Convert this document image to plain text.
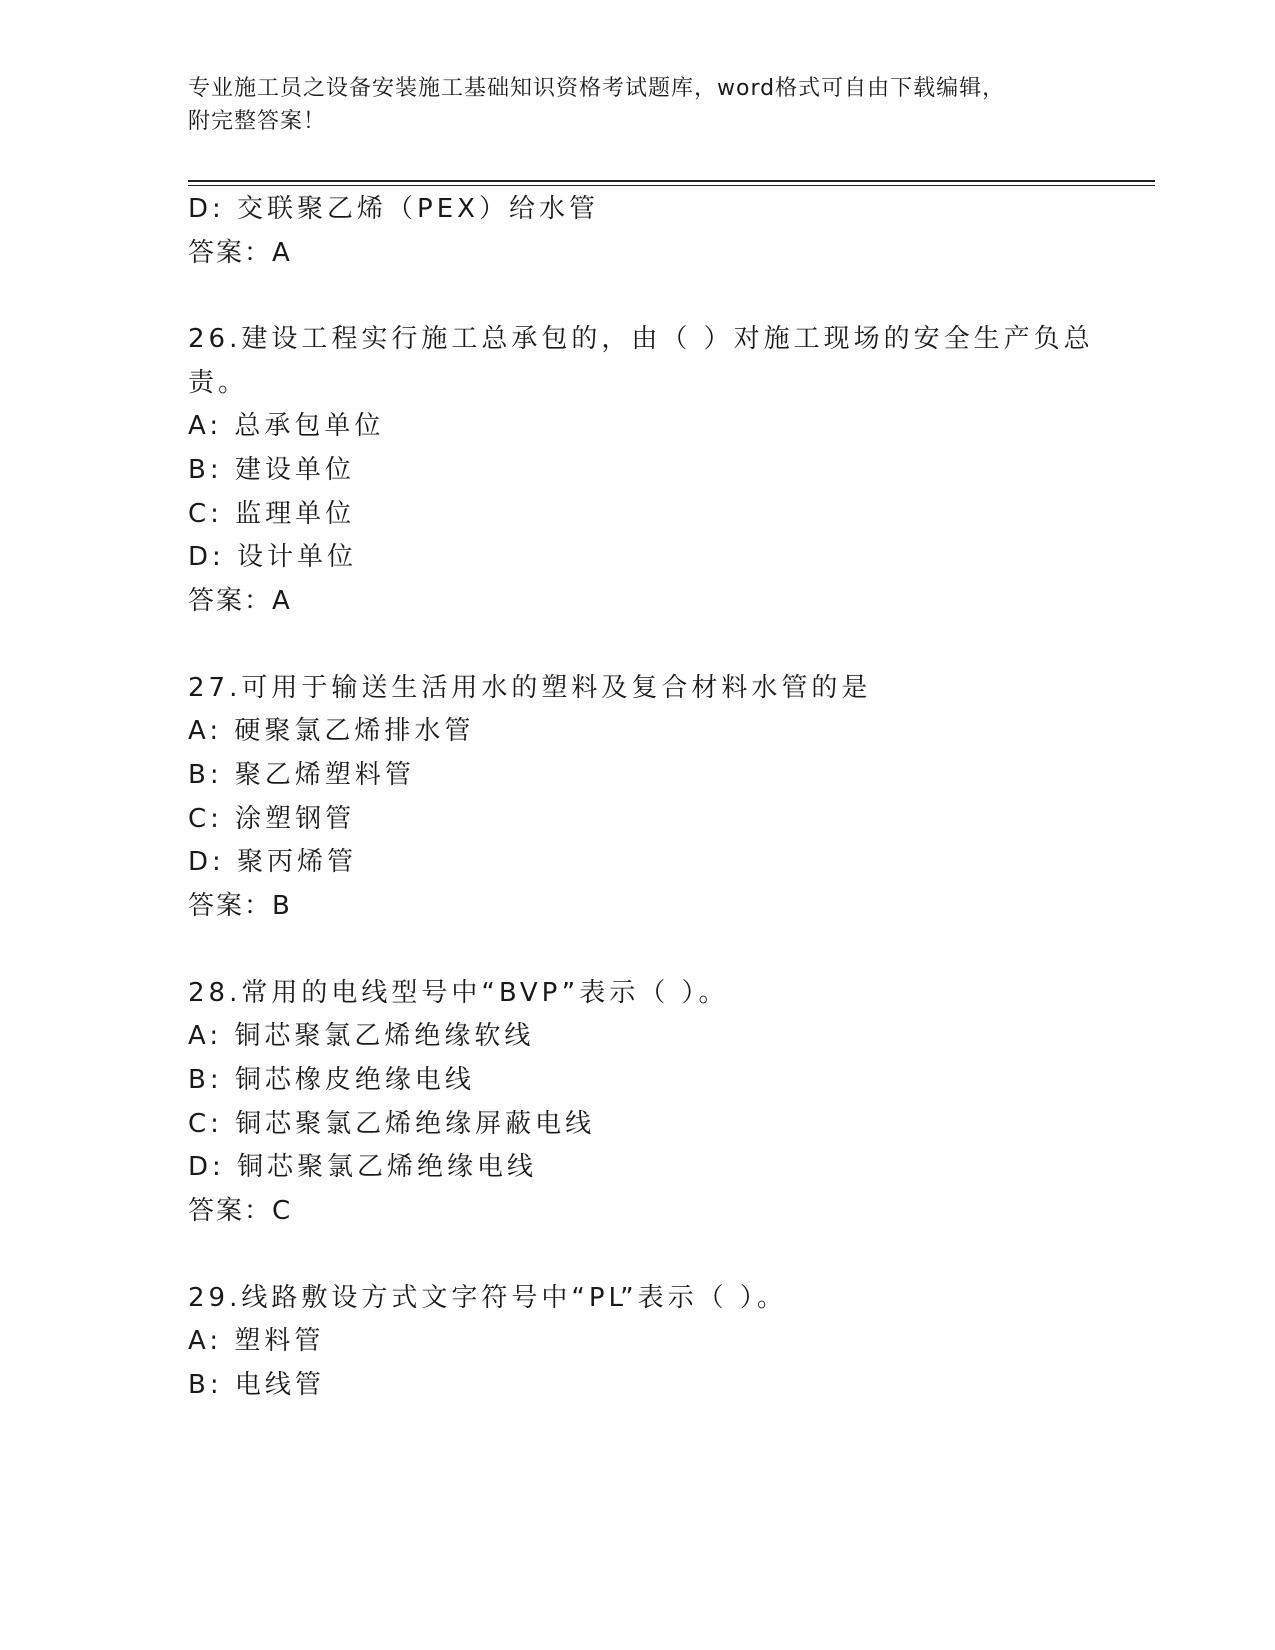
专业施工员之设备安装施工基础知识资格考试题库，word格式可自由下载编辑，
附完整答案！
D: 交联聚乙烯（PEX）给水管
答案：A
26.建设工程实行施工总承包的，由（ ）对施工现场的安全生产负总
责。
A: 总承包单位
B: 建设单位
C: 监理单位
D: 设计单位
答案：A
27.可用于输送生活用水的塑料及复合材料水管的是
A: 硬聚氯乙烯排水管
B: 聚乙烯塑料管
C: 涂塑钢管
D: 聚丙烯管
答案：B
28.常用的电线型号中“BVP”表示（ ）。
A: 铜芯聚氯乙烯绝缘软线
B: 铜芯橡皮绝缘电线
C: 铜芯聚氯乙烯绝缘屏蔽电线
D: 铜芯聚氯乙烯绝缘电线
答案：C
29.线路敷设方式文字符号中“PL”表示（ ）。
A: 塑料管
B: 电线管
